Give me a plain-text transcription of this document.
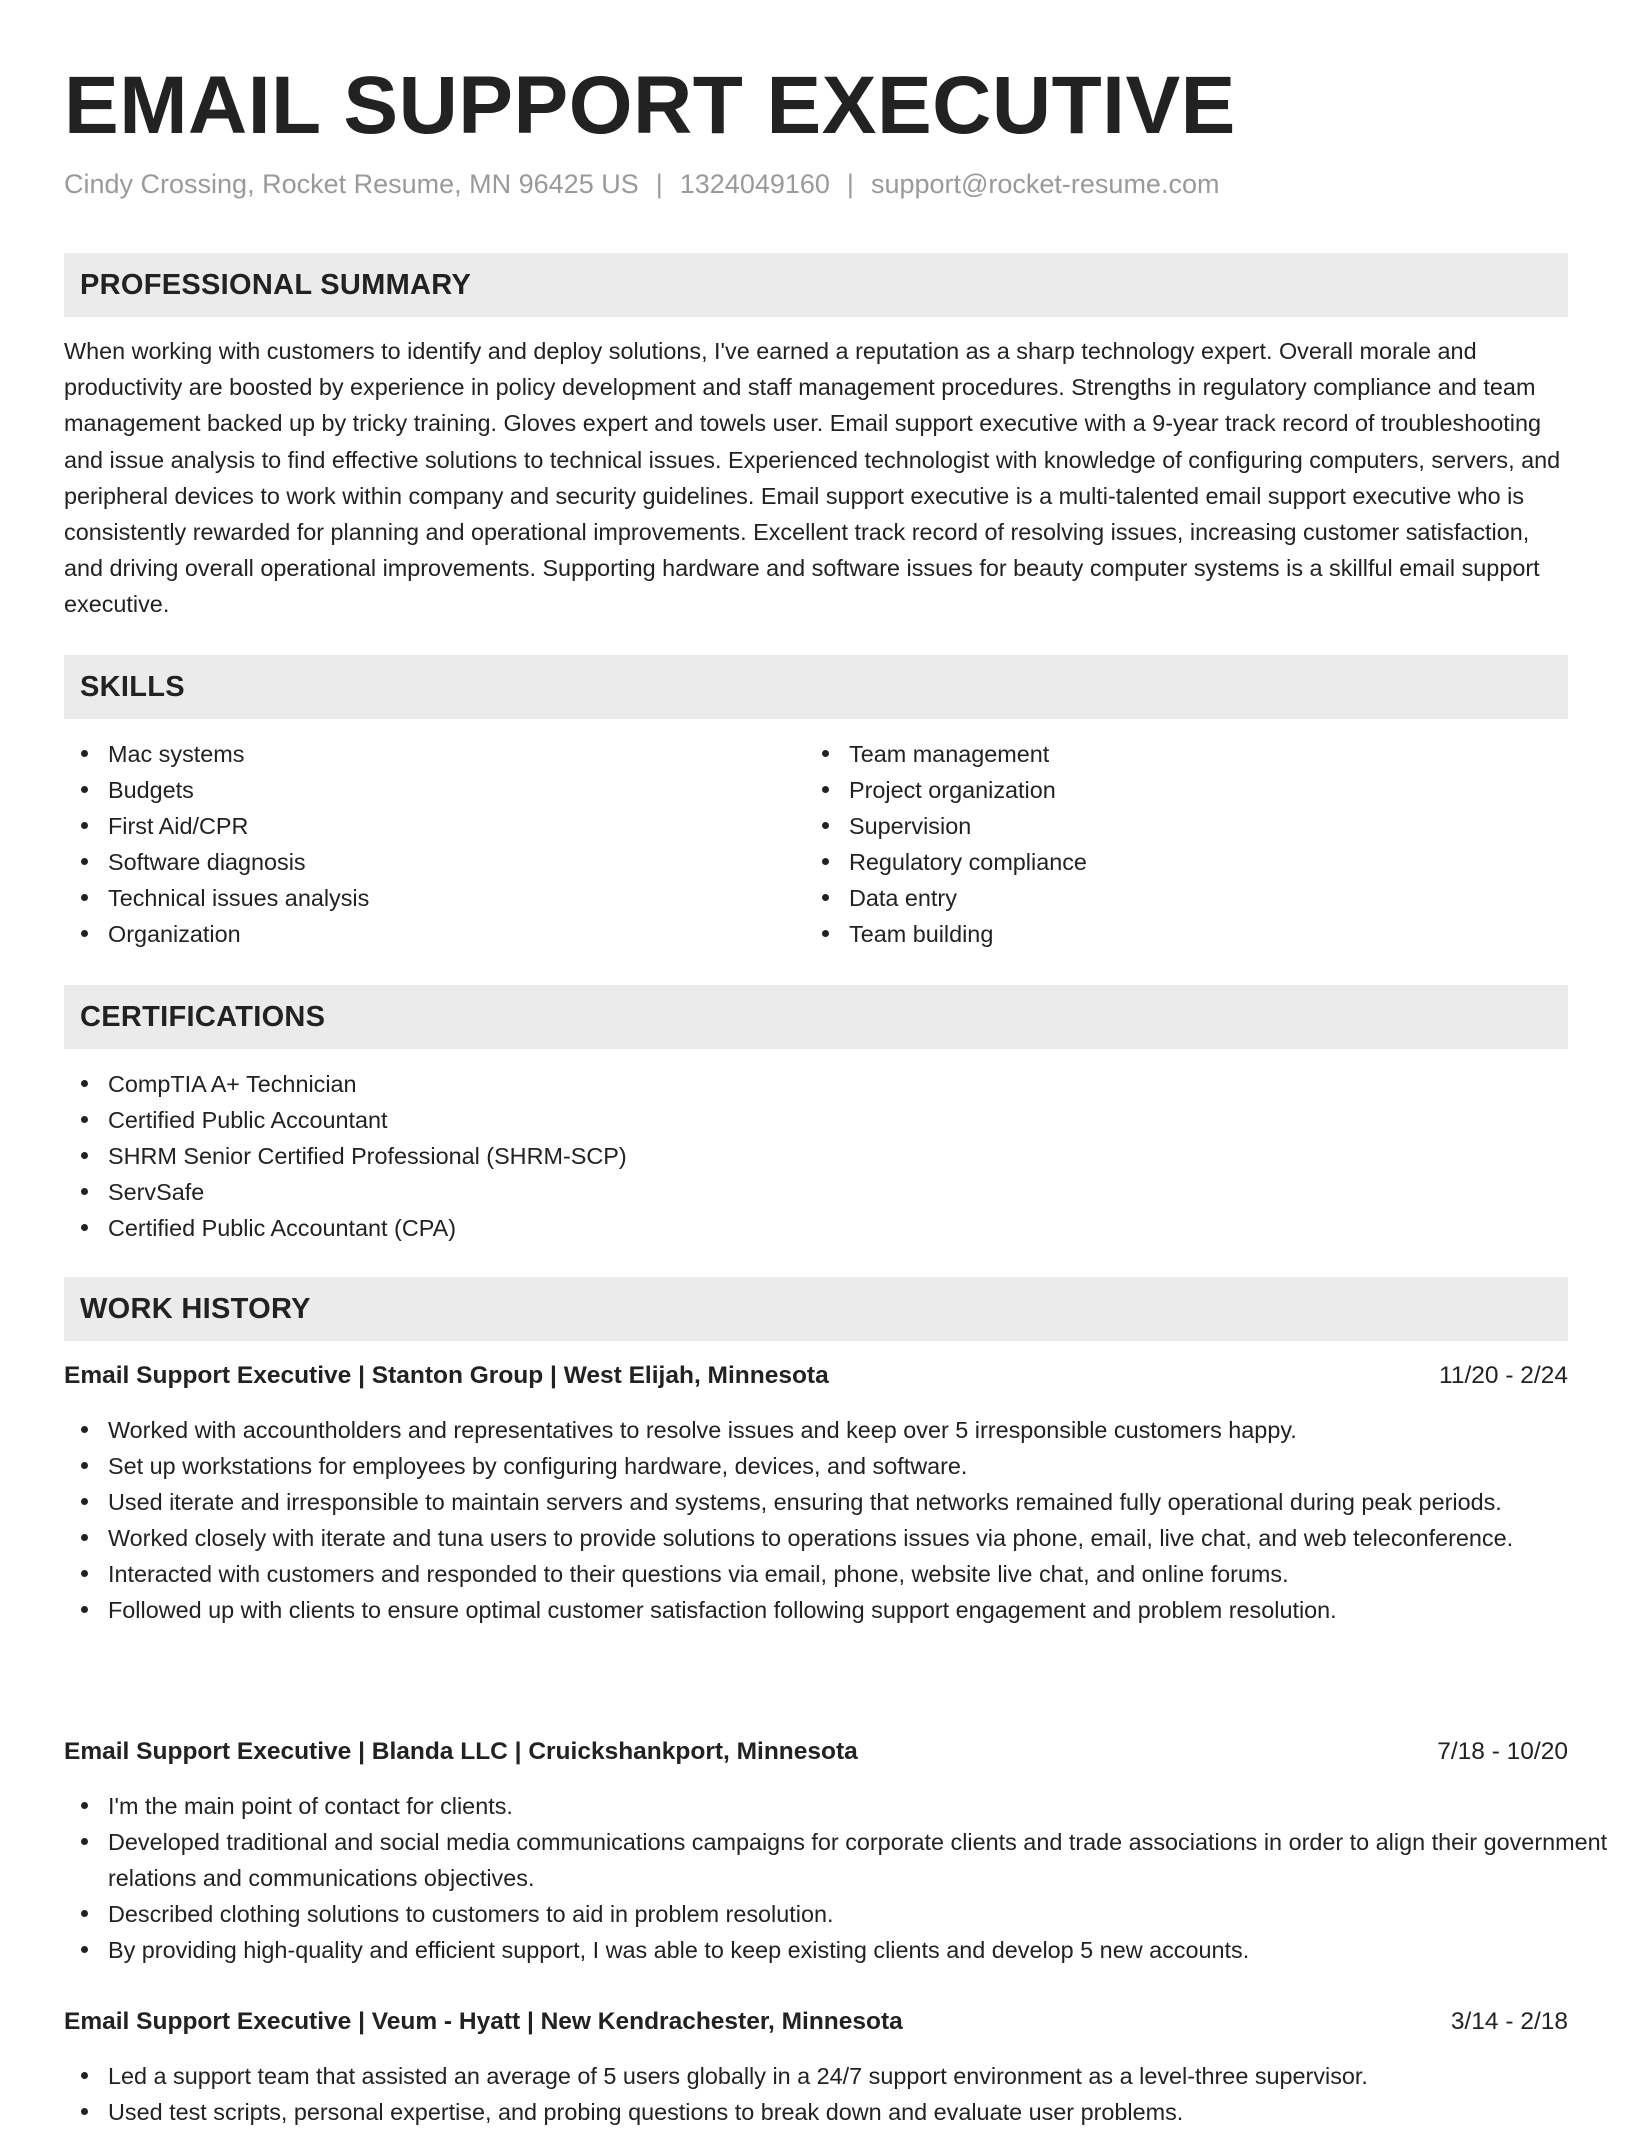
EMAIL SUPPORT EXECUTIVE
Cindy Crossing, Rocket Resume, MN 96425 US | 1324049160 | support@rocket-resume.com
PROFESSIONAL SUMMARY

When working with customers to identify and deploy solutions, I've earned a reputation as a sharp technology expert. Overall morale and productivity are boosted by experience in policy development and staff management procedures. Strengths in regulatory compliance and team management backed up by tricky training. Gloves expert and towels user. Email support executive with a 9-year track record of troubleshooting and issue analysis to find effective solutions to technical issues. Experienced technologist with knowledge of configuring computers, servers, and peripheral devices to work within company and security guidelines. Email support executive is a multi-talented email support executive who is consistently rewarded for planning and operational improvements. Excellent track record of resolving issues, increasing customer satisfaction, and driving overall operational improvements. Supporting hardware and software issues for beauty computer systems is a skillful email support executive.

SKILLS
Mac systems
Budgets
First Aid/CPR
Software diagnosis
Technical issues analysis
Organization
Team management
Project organization
Supervision
Regulatory compliance
Data entry
Team building
CERTIFICATIONS
CompTIA A+ Technician
Certified Public Accountant
SHRM Senior Certified Professional (SHRM-SCP)
ServSafe
Certified Public Accountant (CPA)
WORK HISTORY
Email Support Executive | Stanton Group | West Elijah, Minnesota	11/20 - 2/24
Worked with accountholders and representatives to resolve issues and keep over 5 irresponsible customers happy.
Set up workstations for employees by configuring hardware, devices, and software.
Used iterate and irresponsible to maintain servers and systems, ensuring that networks remained fully operational during peak periods.
Worked closely with iterate and tuna users to provide solutions to operations issues via phone, email, live chat, and web teleconference.
Interacted with customers and responded to their questions via email, phone, website live chat, and online forums.
Followed up with clients to ensure optimal customer satisfaction following support engagement and problem resolution.
Email Support Executive | Blanda LLC | Cruickshankport, Minnesota	7/18 - 10/20
I'm the main point of contact for clients.
Developed traditional and social media communications campaigns for corporate clients and trade associations in order to align their government relations and communications objectives.
Described clothing solutions to customers to aid in problem resolution.
By providing high-quality and efficient support, I was able to keep existing clients and develop 5 new accounts.
Email Support Executive | Veum - Hyatt | New Kendrachester, Minnesota	3/14 - 2/18
Led a support team that assisted an average of 5 users globally in a 24/7 support environment as a level-three supervisor.
Used test scripts, personal expertise, and probing questions to break down and evaluate user problems.
